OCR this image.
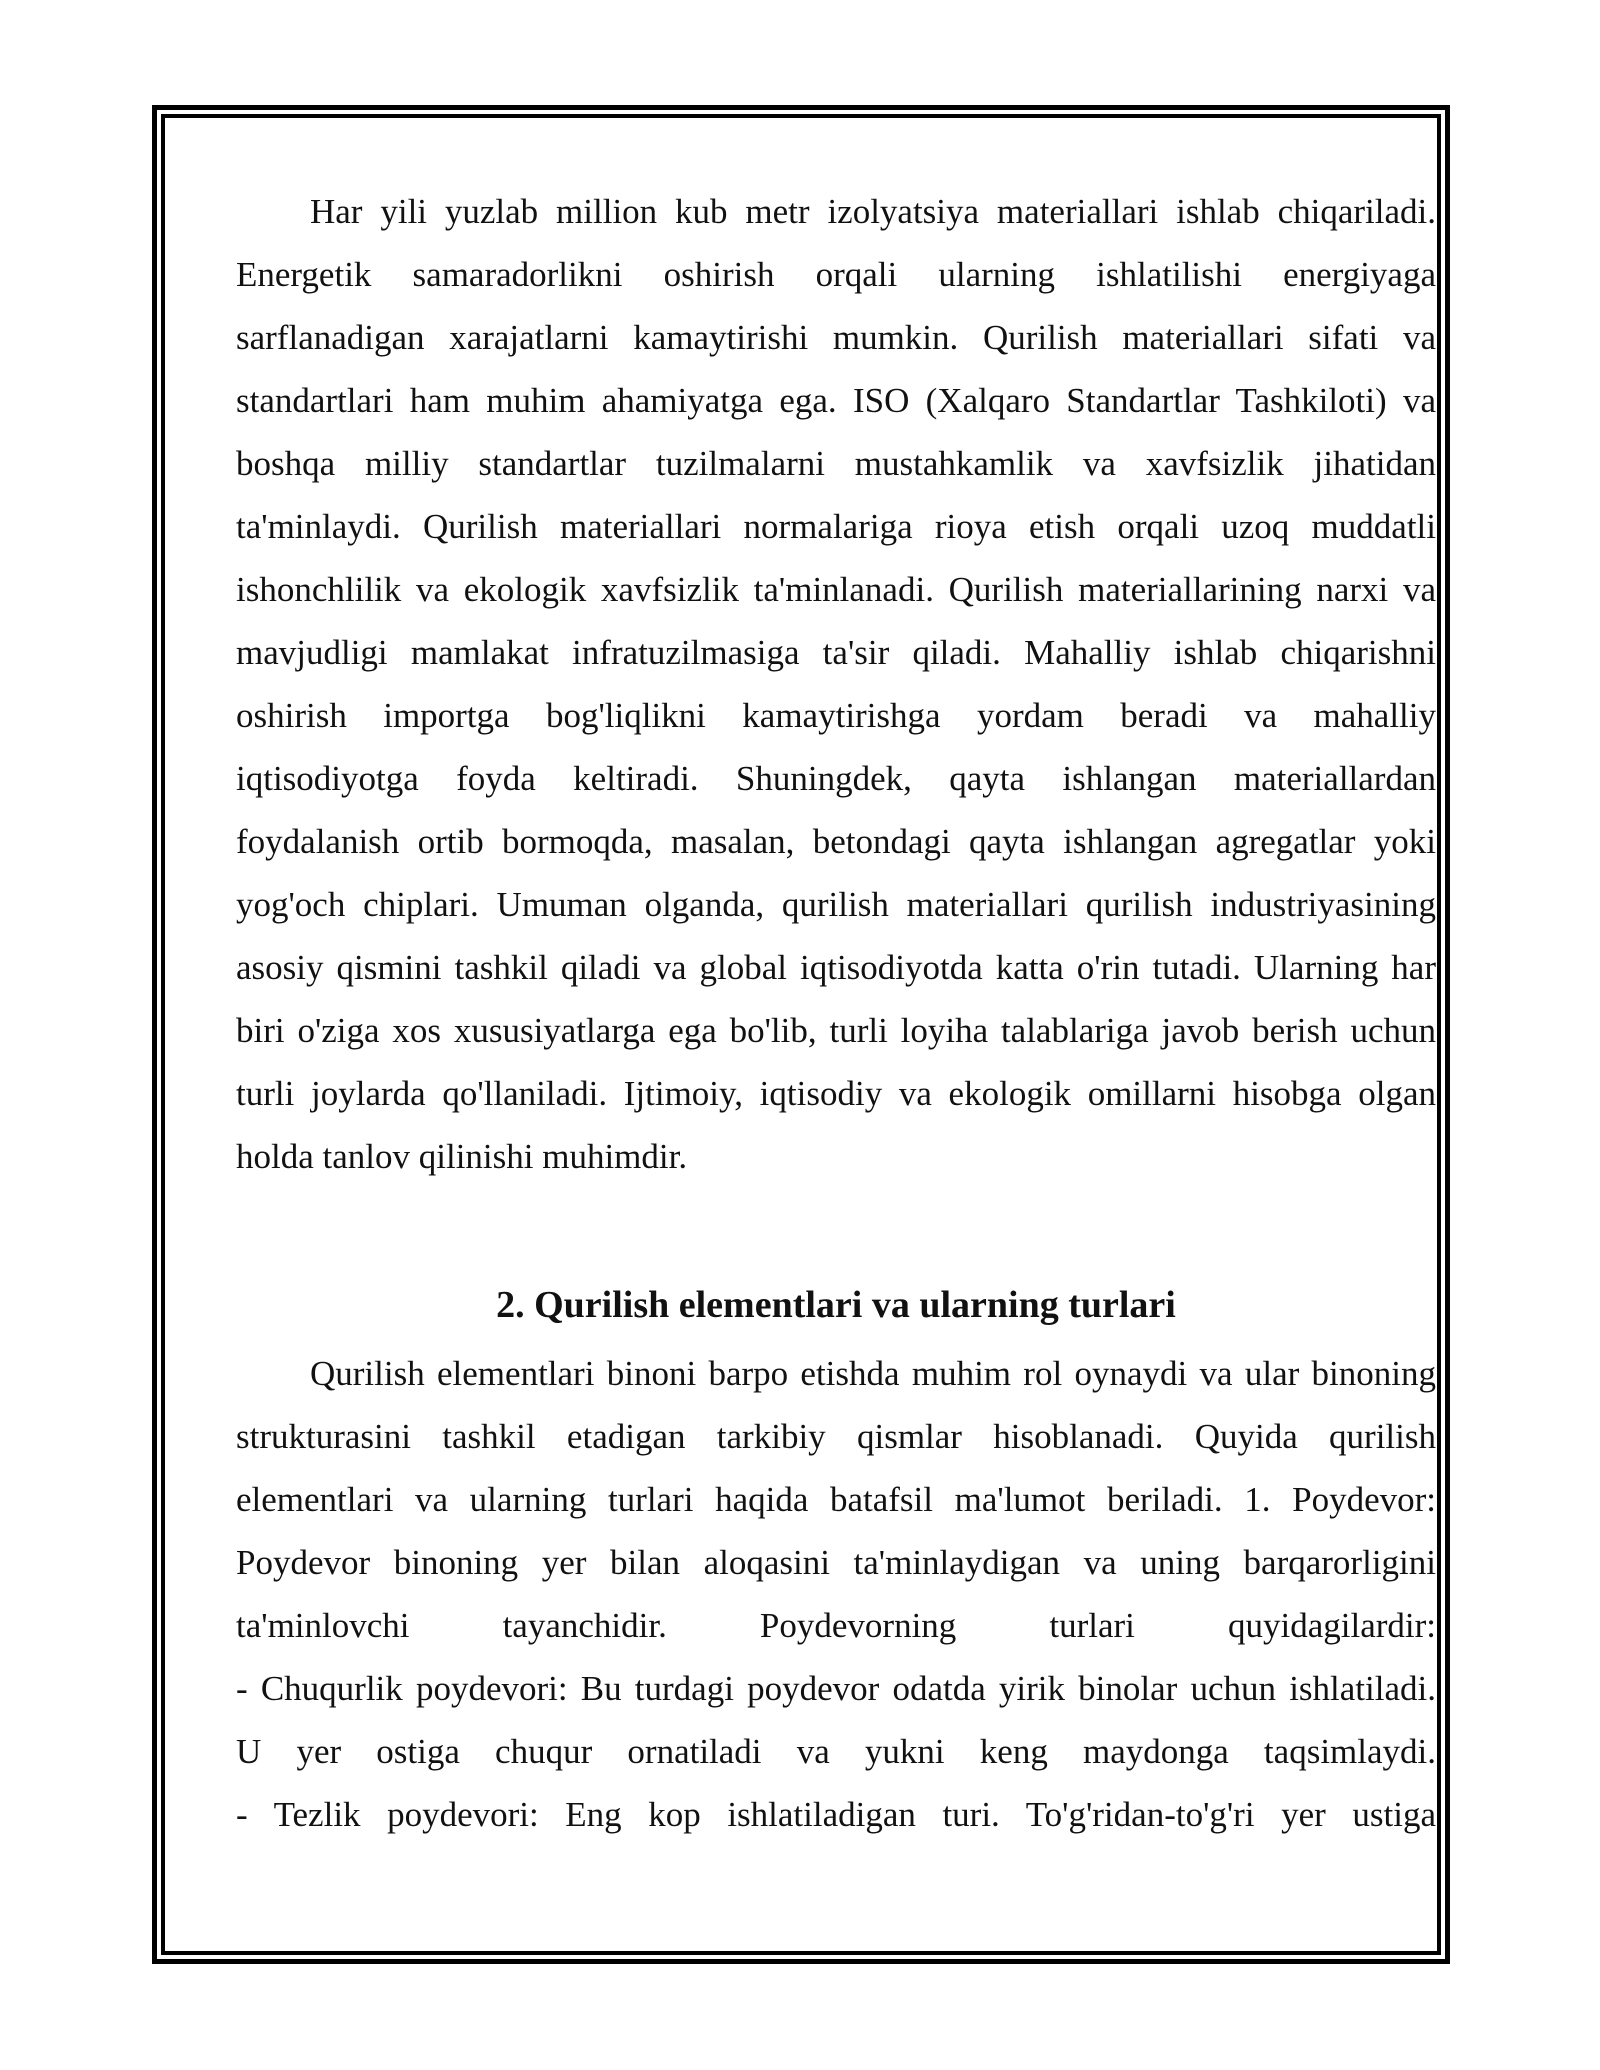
Har yili yuzlab million kub metr izolyatsiya materiallari ishlab chiqariladi.
Energetik samaradorlikni oshirish orqali ularning ishlatilishi energiyaga
sarflanadigan xarajatlarni kamaytirishi mumkin. Qurilish materiallari sifati va
standartlari ham muhim ahamiyatga ega. ISO (Xalqaro Standartlar Tashkiloti) va
boshqa milliy standartlar tuzilmalarni mustahkamlik va xavfsizlik jihatidan
ta'minlaydi. Qurilish materiallari normalariga rioya etish orqali uzoq muddatli
ishonchlilik va ekologik xavfsizlik ta'minlanadi. Qurilish materiallarining narxi va
mavjudligi mamlakat infratuzilmasiga ta'sir qiladi. Mahalliy ishlab chiqarishni
oshirish importga bog'liqlikni kamaytirishga yordam beradi va mahalliy
iqtisodiyotga foyda keltiradi. Shuningdek, qayta ishlangan materiallardan
foydalanish ortib bormoqda, masalan, betondagi qayta ishlangan agregatlar yoki
yog'och chiplari. Umuman olganda, qurilish materiallari qurilish industriyasining
asosiy qismini tashkil qiladi va global iqtisodiyotda katta o'rin tutadi. Ularning har
biri o'ziga xos xususiyatlarga ega bo'lib, turli loyiha talablariga javob berish uchun
turli joylarda qo'llaniladi. Ijtimoiy, iqtisodiy va ekologik omillarni hisobga olgan
holda tanlov qilinishi muhimdir.
2. Qurilish elementlari va ularning turlari
Qurilish elementlari binoni barpo etishda muhim rol oynaydi va ular binoning
strukturasini tashkil etadigan tarkibiy qismlar hisoblanadi. Quyida qurilish
elementlari va ularning turlari haqida batafsil ma'lumot beriladi. 1. Poydevor:
Poydevor binoning yer bilan aloqasini ta'minlaydigan va uning barqarorligini
ta'minlovchi tayanchidir. Poydevorning turlari quyidagilardir:
- Chuqurlik poydevori: Bu turdagi poydevor odatda yirik binolar uchun ishlatiladi.
U yer ostiga chuqur ornatiladi va yukni keng maydonga taqsimlaydi.
- Tezlik poydevori: Eng kop ishlatiladigan turi. To'g'ridan-to'g'ri yer ustiga
